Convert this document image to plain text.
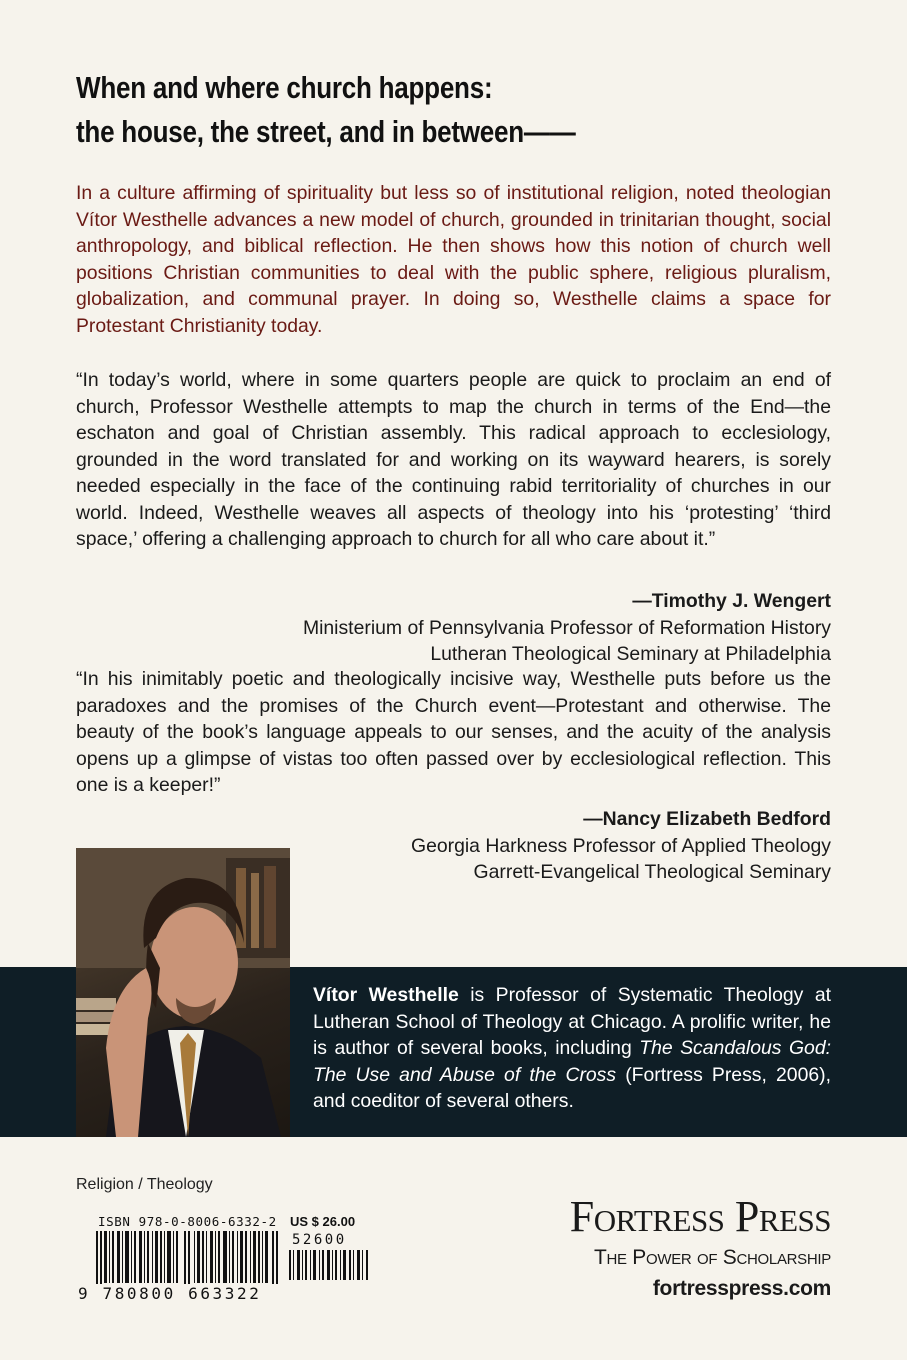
When and where church happens:
the house, the street, and in between——
In a culture affirming of spirituality but less so of institutional religion, noted theologian Vítor Westhelle advances a new model of church, grounded in trinitarian thought, social anthropology, and biblical reflection. He then shows how this notion of church well positions Christian communities to deal with the public sphere, religious pluralism, globalization, and communal prayer. In doing so, Westhelle claims a space for Protestant Christianity today.
“In today’s world, where in some quarters people are quick to proclaim an end of church, Professor Westhelle attempts to map the church in terms of the End—the eschaton and goal of Christian assembly. This radical approach to ecclesiology, grounded in the word translated for and working on its wayward hearers, is sorely needed especially in the face of the continuing rabid territoriality of churches in our world. Indeed, Westhelle weaves all aspects of theology into his ‘protesting’ ‘third space,’ offering a challenging approach to church for all who care about it.”
—Timothy J. Wengert
Ministerium of Pennsylvania Professor of Reformation History
Lutheran Theological Seminary at Philadelphia
“In his inimitably poetic and theologically incisive way, Westhelle puts before us the paradoxes and the promises of the Church event—Protestant and otherwise. The beauty of the book’s language appeals to our senses, and the acuity of the analysis opens up a glimpse of vistas too often passed over by ecclesiological reflection. This one is a keeper!”
—Nancy Elizabeth Bedford
Georgia Harkness Professor of Applied Theology
Garrett-Evangelical Theological Seminary
Vítor Westhelle is Professor of Systematic Theology at Lutheran School of Theology at Chicago. A prolific writer, he is author of several books, including The Scandalous God: The Use and Abuse of the Cross (Fortress Press, 2006), and coeditor of several others.
Religion / Theology
ISBN 978-0-8006-6332-2
9 780800 663322
US $ 26.00
52600	Fortress Press
The Power of Scholarship
fortresspress.com
